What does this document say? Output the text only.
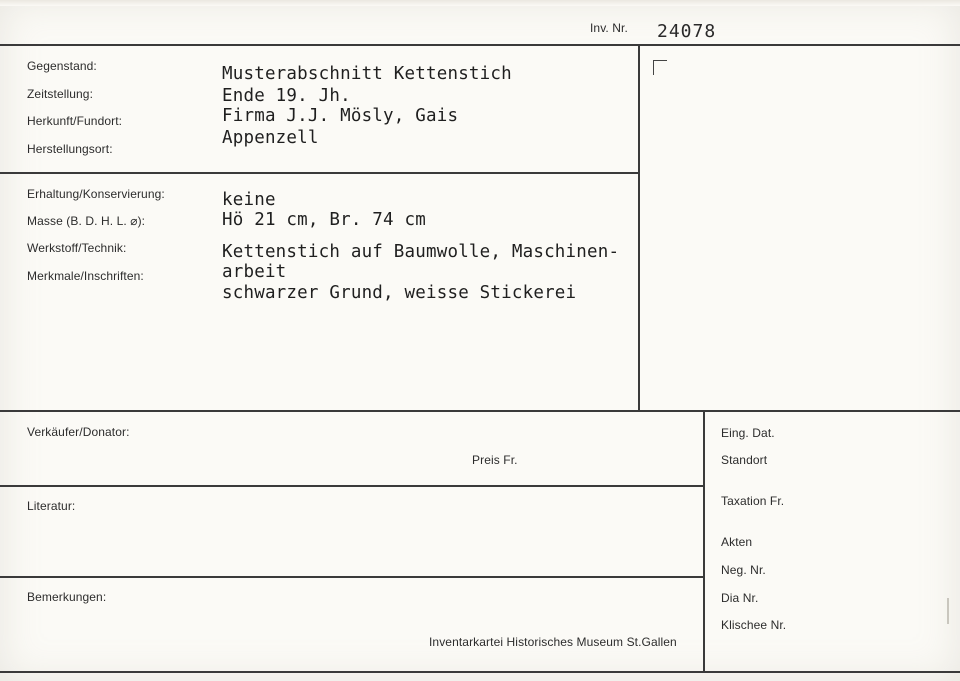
Inv. Nr. 24078
Gegenstand:
Zeitstellung:
Herkunft/Fundort:
Herstellungsort:
Musterabschnitt Kettenstich
Ende 19. Jh.
Firma J.J. Mösly, Gais
Appenzell
Erhaltung/Konservierung:
Masse (B. D. H. L. ⌀):
Werkstoff/Technik:
Merkmale/Inschriften:
keine
Hö 21 cm, Br. 74 cm
Kettenstich auf Baumwolle, Maschinen-
arbeit
schwarzer Grund, weisse Stickerei
Verkäufer/Donator:
Preis Fr.
Literatur:
Bemerkungen:
Inventarkartei Historisches Museum St.Gallen
Eing. Dat.
Standort
Taxation Fr.
Akten
Neg. Nr.
Dia Nr.
Klischee Nr.
